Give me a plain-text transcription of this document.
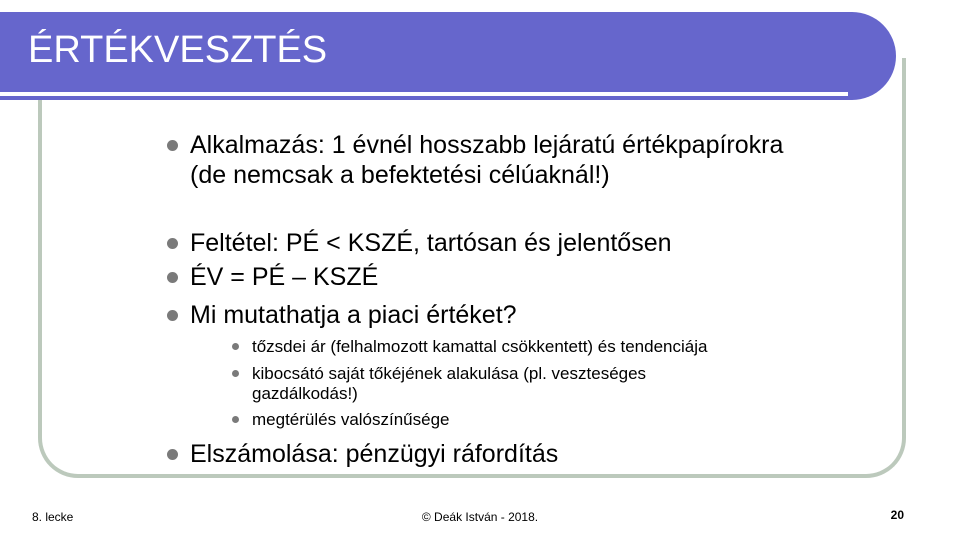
ÉRTÉKVESZTÉS
Alkalmazás: 1 évnél hosszabb lejáratú értékpapírokra (de nemcsak a befektetési célúaknál!)
Feltétel: PÉ < KSZÉ, tartósan és jelentősen
ÉV = PÉ – KSZÉ
Mi mutathatja a piaci értéket?
tőzsdei ár (felhalmozott kamattal csökkentett) és tendenciája
kibocsátó saját tőkéjének alakulása (pl. veszteséges gazdálkodás!)
megtérülés valószínűsége
Elszámolása: pénzügyi ráfordítás
8. lecke	© Deák István - 2018.	20
